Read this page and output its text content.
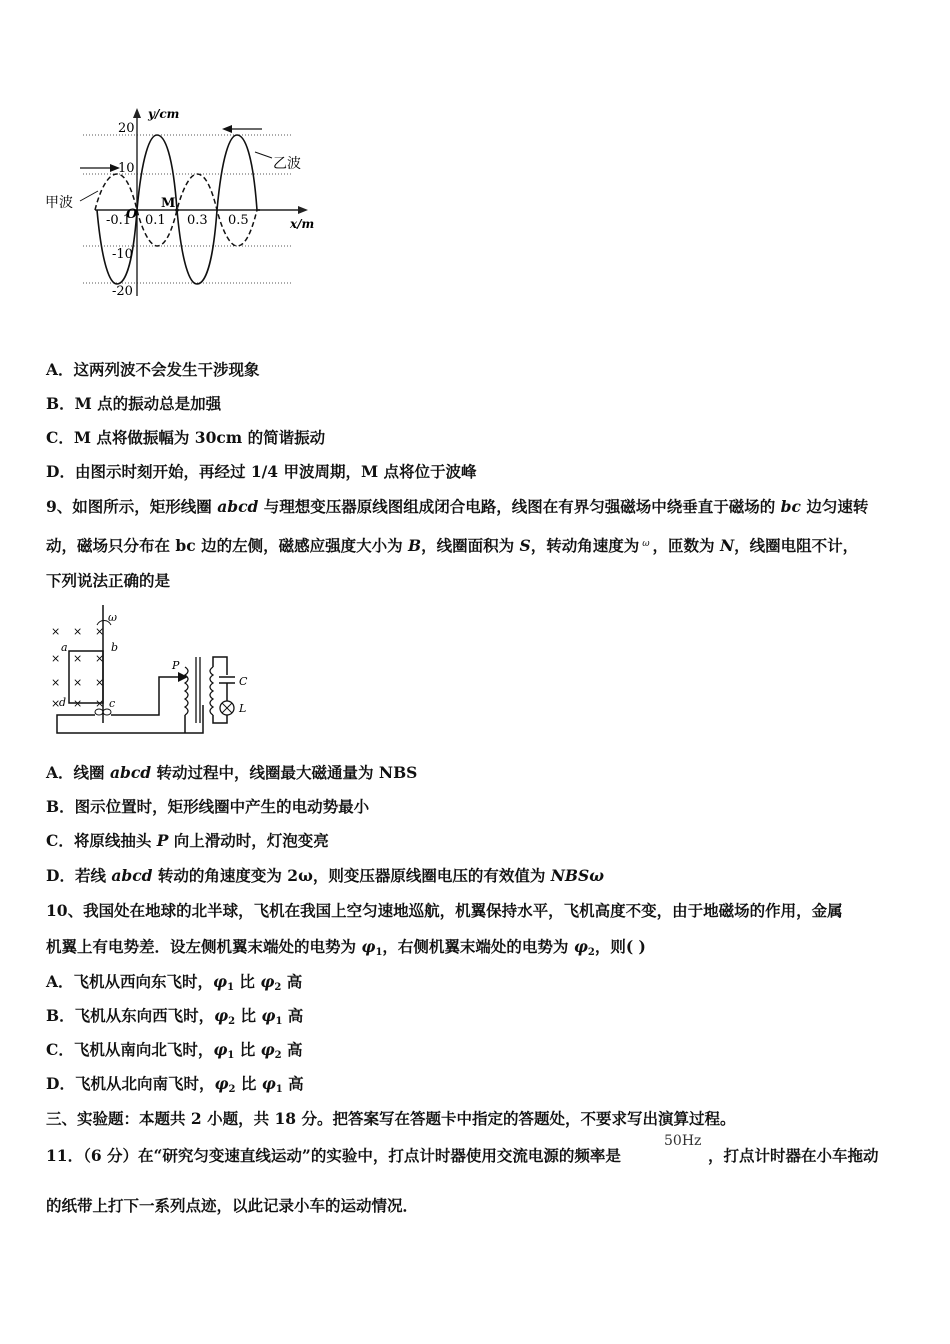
y/cm
x/m
20
10
-10
-20
-0.1
O 0.1 0.3 0.5
M
甲波
乙波
A．这两列波不会发生干涉现象
B．M 点的振动总是加强
C．M 点将做振幅为 30cm 的简谐振动
D．由图示时刻开始，再经过 1/4 甲波周期，M 点将位于波峰
9、如图所示，矩形线圈 abcd 与理想变压器原线图组成闭合电路，线图在有界匀强磁场中绕垂直于磁场的 bc 边匀速转
动，磁场只分布在 bc 边的左侧，磁感应强度大小为 B，线圈面积为 S，转动角速度为 $^\omega$ ，匝数为 N，线圈电阻不计，
下列说法正确的是
× ×
× × ×
× × ×
× × ×
×
ω
a	b
d	c
P
C
L
A．线圈 abcd 转动过程中，线圈最大磁通量为 NBS
B．图示位置时，矩形线圈中产生的电动势最小
C．将原线抽头 P 向上滑动时，灯泡变亮
D．若线 abcd 转动的角速度变为 2ω，则变压器原线圈电压的有效值为 NBSω
10、我国处在地球的北半球，飞机在我国上空匀速地巡航，机翼保持水平，飞机高度不变，由于地磁场的作用，金属
机翼上有电势差．设左侧机翼末端处的电势为 $\varphi_1$，右侧机翼末端处的电势为 $\varphi_2$，则( )
A．飞机从西向东飞时，$\varphi_1$ 比 $\varphi_2$ 高
B．飞机从东向西飞时，$\varphi_2$ 比 $\varphi_1$ 高
C．飞机从南向北飞时，$\varphi_1$ 比 $\varphi_2$ 高
D．飞机从北向南飞时，$\varphi_2$ 比 $\varphi_1$ 高
三、实验题：本题共 2 小题，共 18 分。把答案写在答题卡中指定的答题处，不要求写出演算过程。
11．（6 分）在“研究匀变速直线运动”的实验中，打点计时器使用交流电源的频率是
50Hz
，打点计时器在小车拖动
的纸带上打下一系列点迹，以此记录小车的运动情况．
